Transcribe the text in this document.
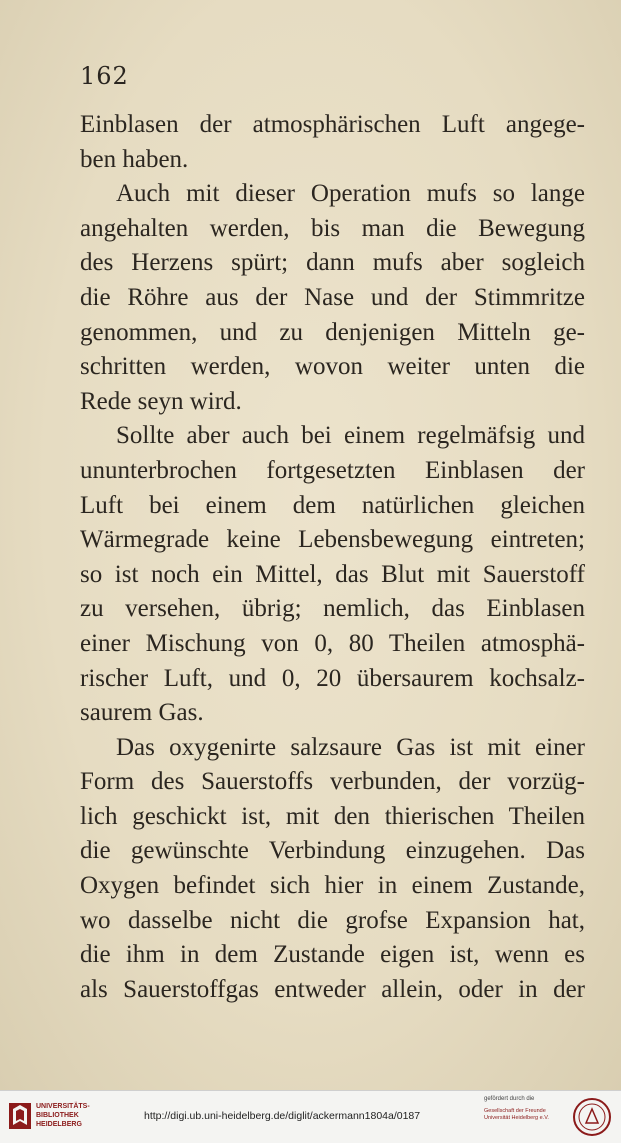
162
Einblasen der atmosphärischen Luft angege-
ben haben.
Auch mit dieser Operation mufs so lange
angehalten werden, bis man die Bewegung
des Herzens spürt; dann mufs aber sogleich
die Röhre aus der Nase und der Stimmritze
genommen, und zu denjenigen Mitteln ge-
schritten werden, wovon weiter unten die
Rede seyn wird.
Sollte aber auch bei einem regelmäfsig und
ununterbrochen fortgesetzten Einblasen der
Luft bei einem dem natürlichen gleichen
Wärmegrade keine Lebensbewegung eintreten;
so ist noch ein Mittel, das Blut mit Sauerstoff
zu versehen, übrig; nemlich, das Einblasen
einer Mischung von 0, 80 Theilen atmosphä-
rischer Luft, und 0, 20 übersaurem kochsalz-
saurem Gas.
Das oxygenirte salzsaure Gas ist mit einer
Form des Sauerstoffs verbunden, der vorzüg-
lich geschickt ist, mit den thierischen Theilen
die gewünschte Verbindung einzugehen. Das
Oxygen befindet sich hier in einem Zustande,
wo dasselbe nicht die grofse Expansion hat,
die ihm in dem Zustande eigen ist, wenn es
als Sauerstoffgas entweder allein, oder in der
UNIVERSITÄTS-
BIBLIOTHEK
HEIDELBERG
http://digi.ub.uni-heidelberg.de/diglit/ackermann1804a/0187
gefördert durch die
Gesellschaft der Freunde
Universität Heidelberg e.V.
